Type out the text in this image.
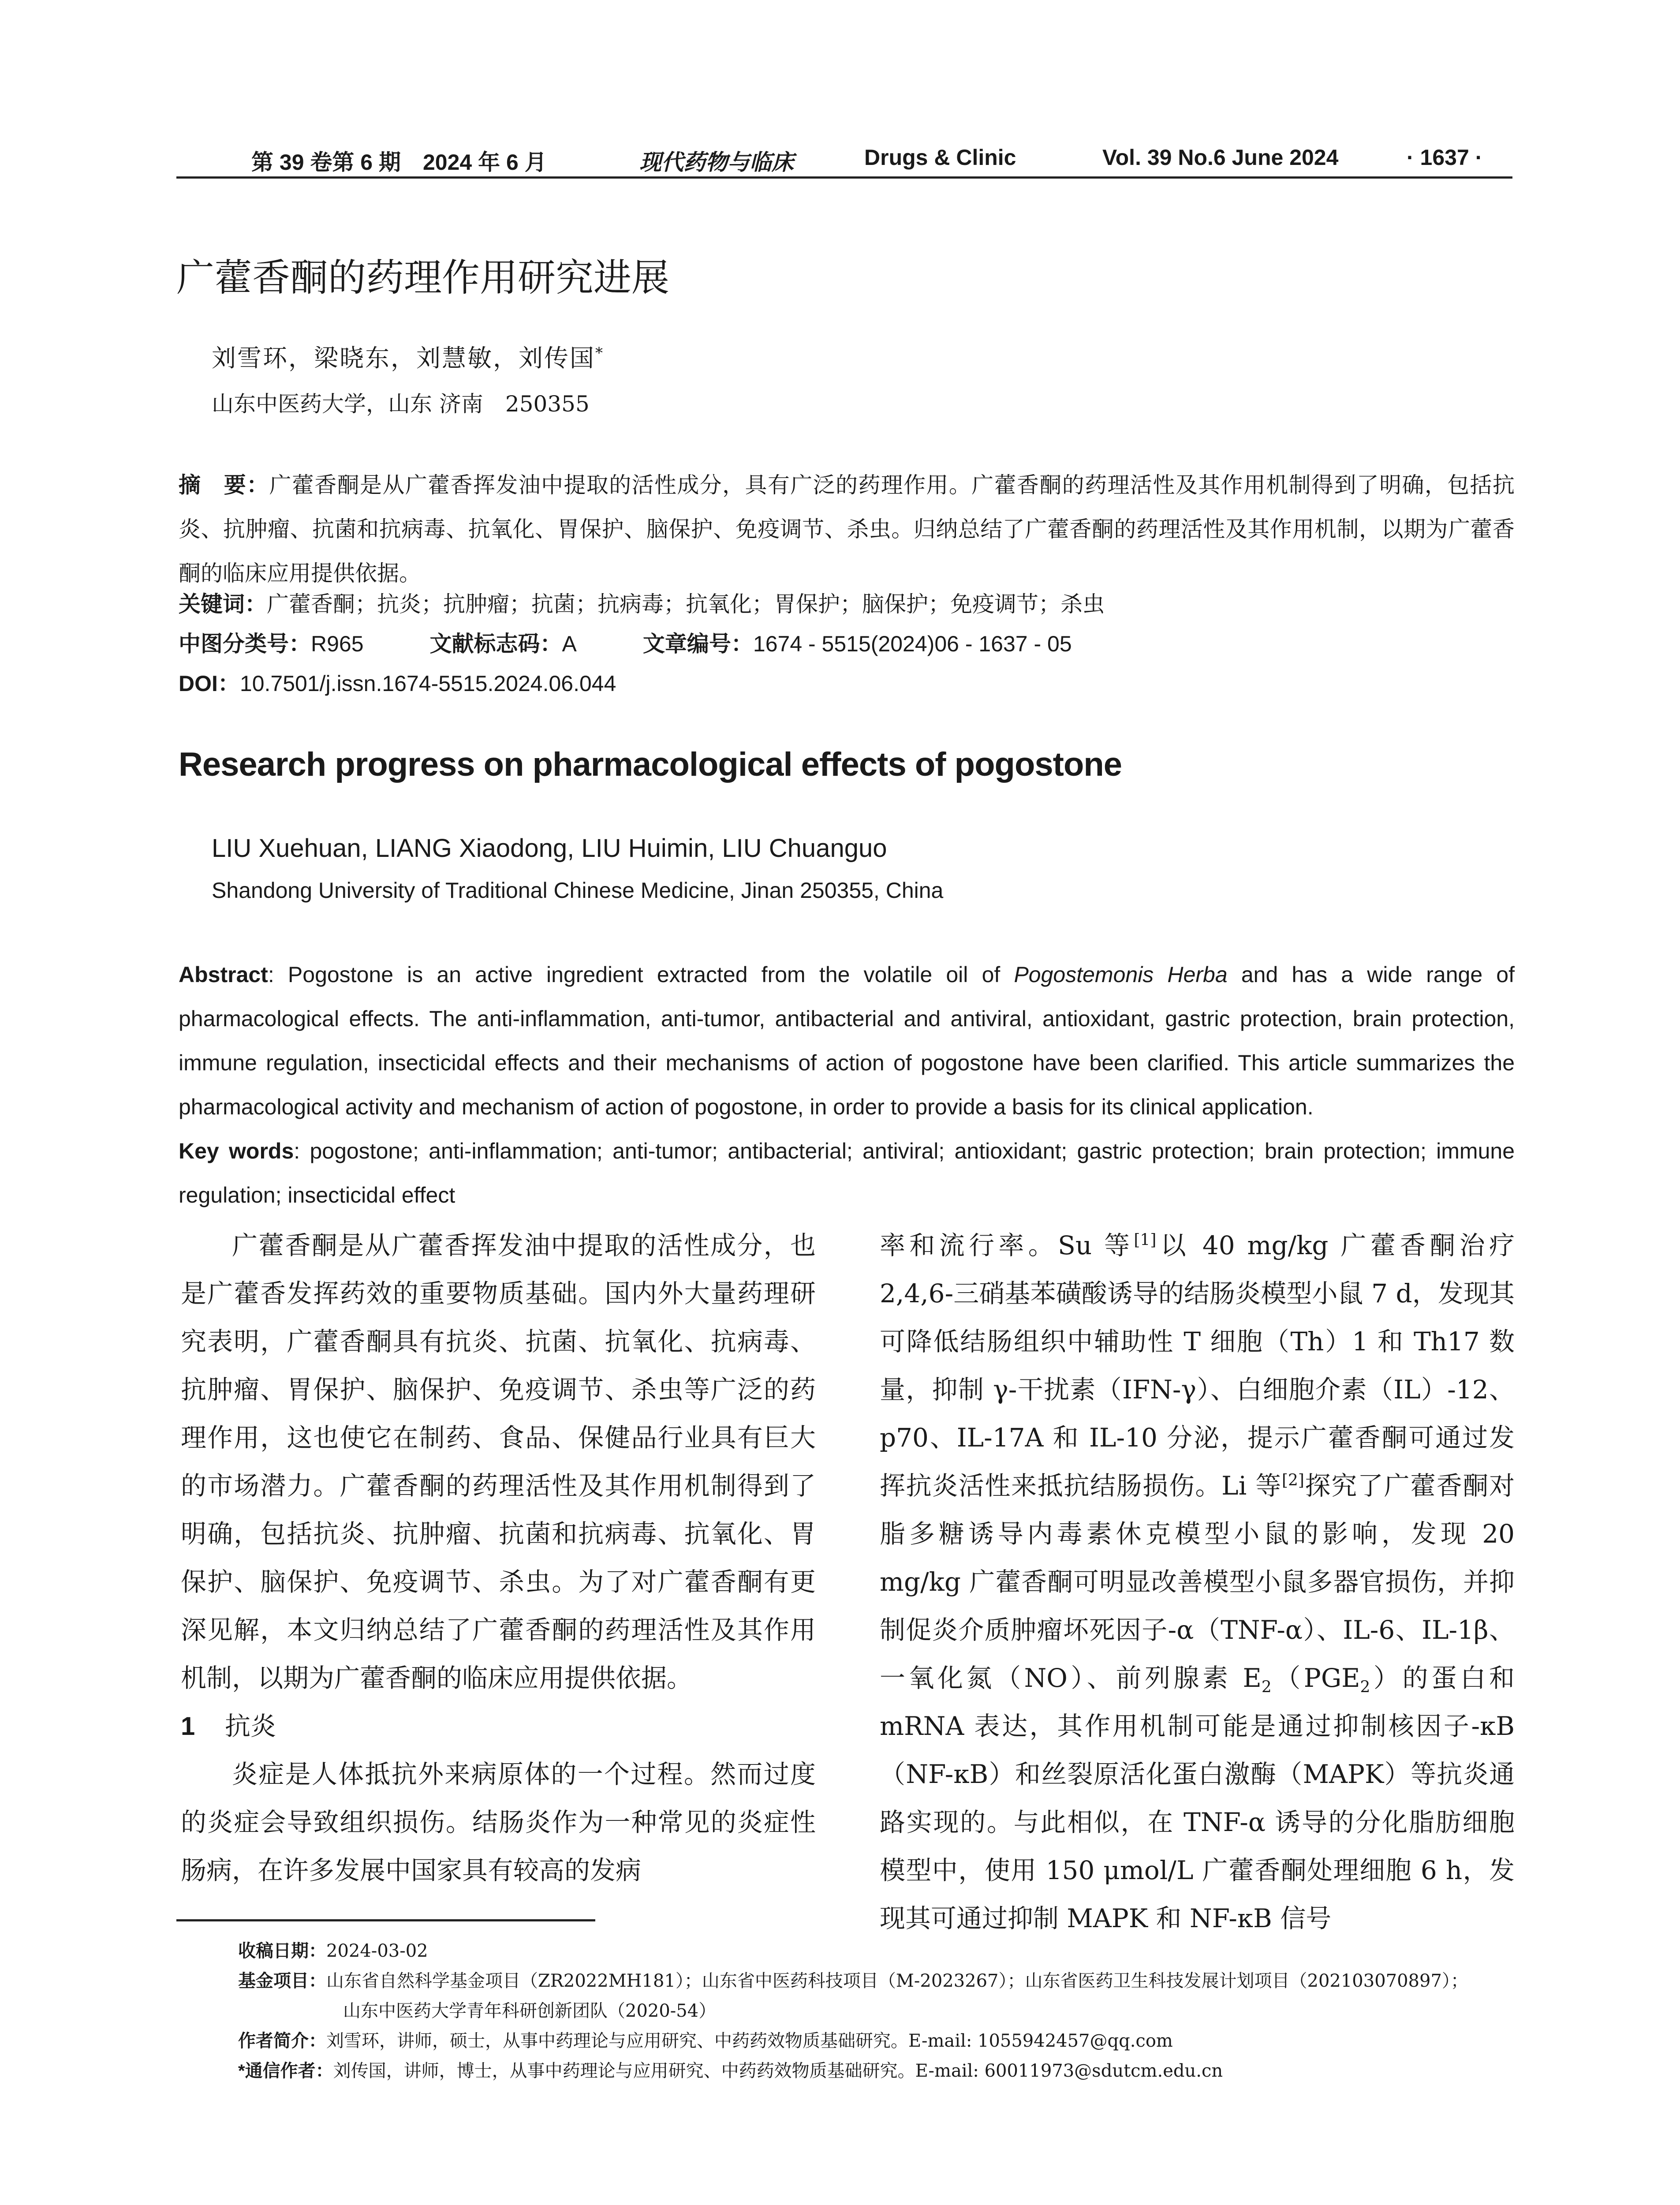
第 39 卷第 6 期　2024 年 6 月	现代药物与临床	Drugs & Clinic	Vol. 39 No.6 June 2024	· 1637 ·
广藿香酮的药理作用研究进展
刘雪环，梁晓东，刘慧敏，刘传国*
山东中医药大学，山东 济南　250355
摘　要：广藿香酮是从广藿香挥发油中提取的活性成分，具有广泛的药理作用。广藿香酮的药理活性及其作用机制得到了明确，包括抗炎、抗肿瘤、抗菌和抗病毒、抗氧化、胃保护、脑保护、免疫调节、杀虫。归纳总结了广藿香酮的药理活性及其作用机制，以期为广藿香酮的临床应用提供依据。
关键词：广藿香酮；抗炎；抗肿瘤；抗菌；抗病毒；抗氧化；胃保护；脑保护；免疫调节；杀虫
中图分类号：R965	文献标志码：A	文章编号：1674 - 5515(2024)06 - 1637 - 05
DOI：10.7501/j.issn.1674-5515.2024.06.044
Research progress on pharmacological effects of pogostone
LIU Xuehuan, LIANG Xiaodong, LIU Huimin, LIU Chuanguo
Shandong University of Traditional Chinese Medicine, Jinan 250355, China
Abstract: Pogostone is an active ingredient extracted from the volatile oil of Pogostemonis Herba and has a wide range of pharmacological effects. The anti-inflammation, anti-tumor, antibacterial and antiviral, antioxidant, gastric protection, brain protection, immune regulation, insecticidal effects and their mechanisms of action of pogostone have been clarified. This article summarizes the pharmacological activity and mechanism of action of pogostone, in order to provide a basis for its clinical application.
Key words: pogostone; anti-inflammation; anti-tumor; antibacterial; antiviral; antioxidant; gastric protection; brain protection; immune regulation; insecticidal effect

广藿香酮是从广藿香挥发油中提取的活性成分，也是广藿香发挥药效的重要物质基础。国内外大量药理研究表明，广藿香酮具有抗炎、抗菌、抗氧化、抗病毒、抗肿瘤、胃保护、脑保护、免疫调节、杀虫等广泛的药理作用，这也使它在制药、食品、保健品行业具有巨大的市场潜力。广藿香酮的药理活性及其作用机制得到了明确，包括抗炎、抗肿瘤、抗菌和抗病毒、抗氧化、胃保护、脑保护、免疫调节、杀虫。为了对广藿香酮有更深见解，本文归纳总结了广藿香酮的药理活性及其作用机制，以期为广藿香酮的临床应用提供依据。

1 抗炎

炎症是人体抵抗外来病原体的一个过程。然而过度的炎症会导致组织损伤。结肠炎作为一种常见的炎症性肠病，在许多发展中国家具有较高的发病

率和流行率。Su 等[1]以 40 mg/kg 广藿香酮治疗 2,4,6-三硝基苯磺酸诱导的结肠炎模型小鼠 7 d，发现其可降低结肠组织中辅助性 T 细胞（Th）1 和 Th17 数量，抑制 γ-干扰素（IFN-γ）、白细胞介素（IL）-12、p70、IL-17A 和 IL-10 分泌，提示广藿香酮可通过发挥抗炎活性来抵抗结肠损伤。Li 等[2]探究了广藿香酮对脂多糖诱导内毒素休克模型小鼠的影响，发现 20 mg/kg 广藿香酮可明显改善模型小鼠多器官损伤，并抑制促炎介质肿瘤坏死因子-α（TNF-α）、IL-6、IL-1β、一氧化氮（NO）、前列腺素 $E_2(PGE_2)$的蛋白和 mRNA 表达，其作用机制可能是通过抑制核因子-κB（NF-κB）和丝裂原活化蛋白激酶（MAPK）等抗炎通路实现的。与此相似，在 TNF-α 诱导的分化脂肪细胞模型中，使用 150 μmol/L 广藿香酮处理细胞 6 h，发现其可通过抑制 MAPK 和 NF-κB 信号

收稿日期： 2024-03-02
基金项目： 山东省自然科学基金项目（ZR2022MH181）；山东省中医药科技项目（M-2023267）；山东省医药卫生科技发展计划项目（202103070897）；
山东中医药大学青年科研创新团队（2020-54）
作者简介： 刘雪环，讲师，硕士，从事中药理论与应用研究、中药药效物质基础研究。E-mail: 1055942457@qq.com
*通信作者： 刘传国，讲师，博士，从事中药理论与应用研究、中药药效物质基础研究。E-mail: 60011973@sdutcm.edu.cn
